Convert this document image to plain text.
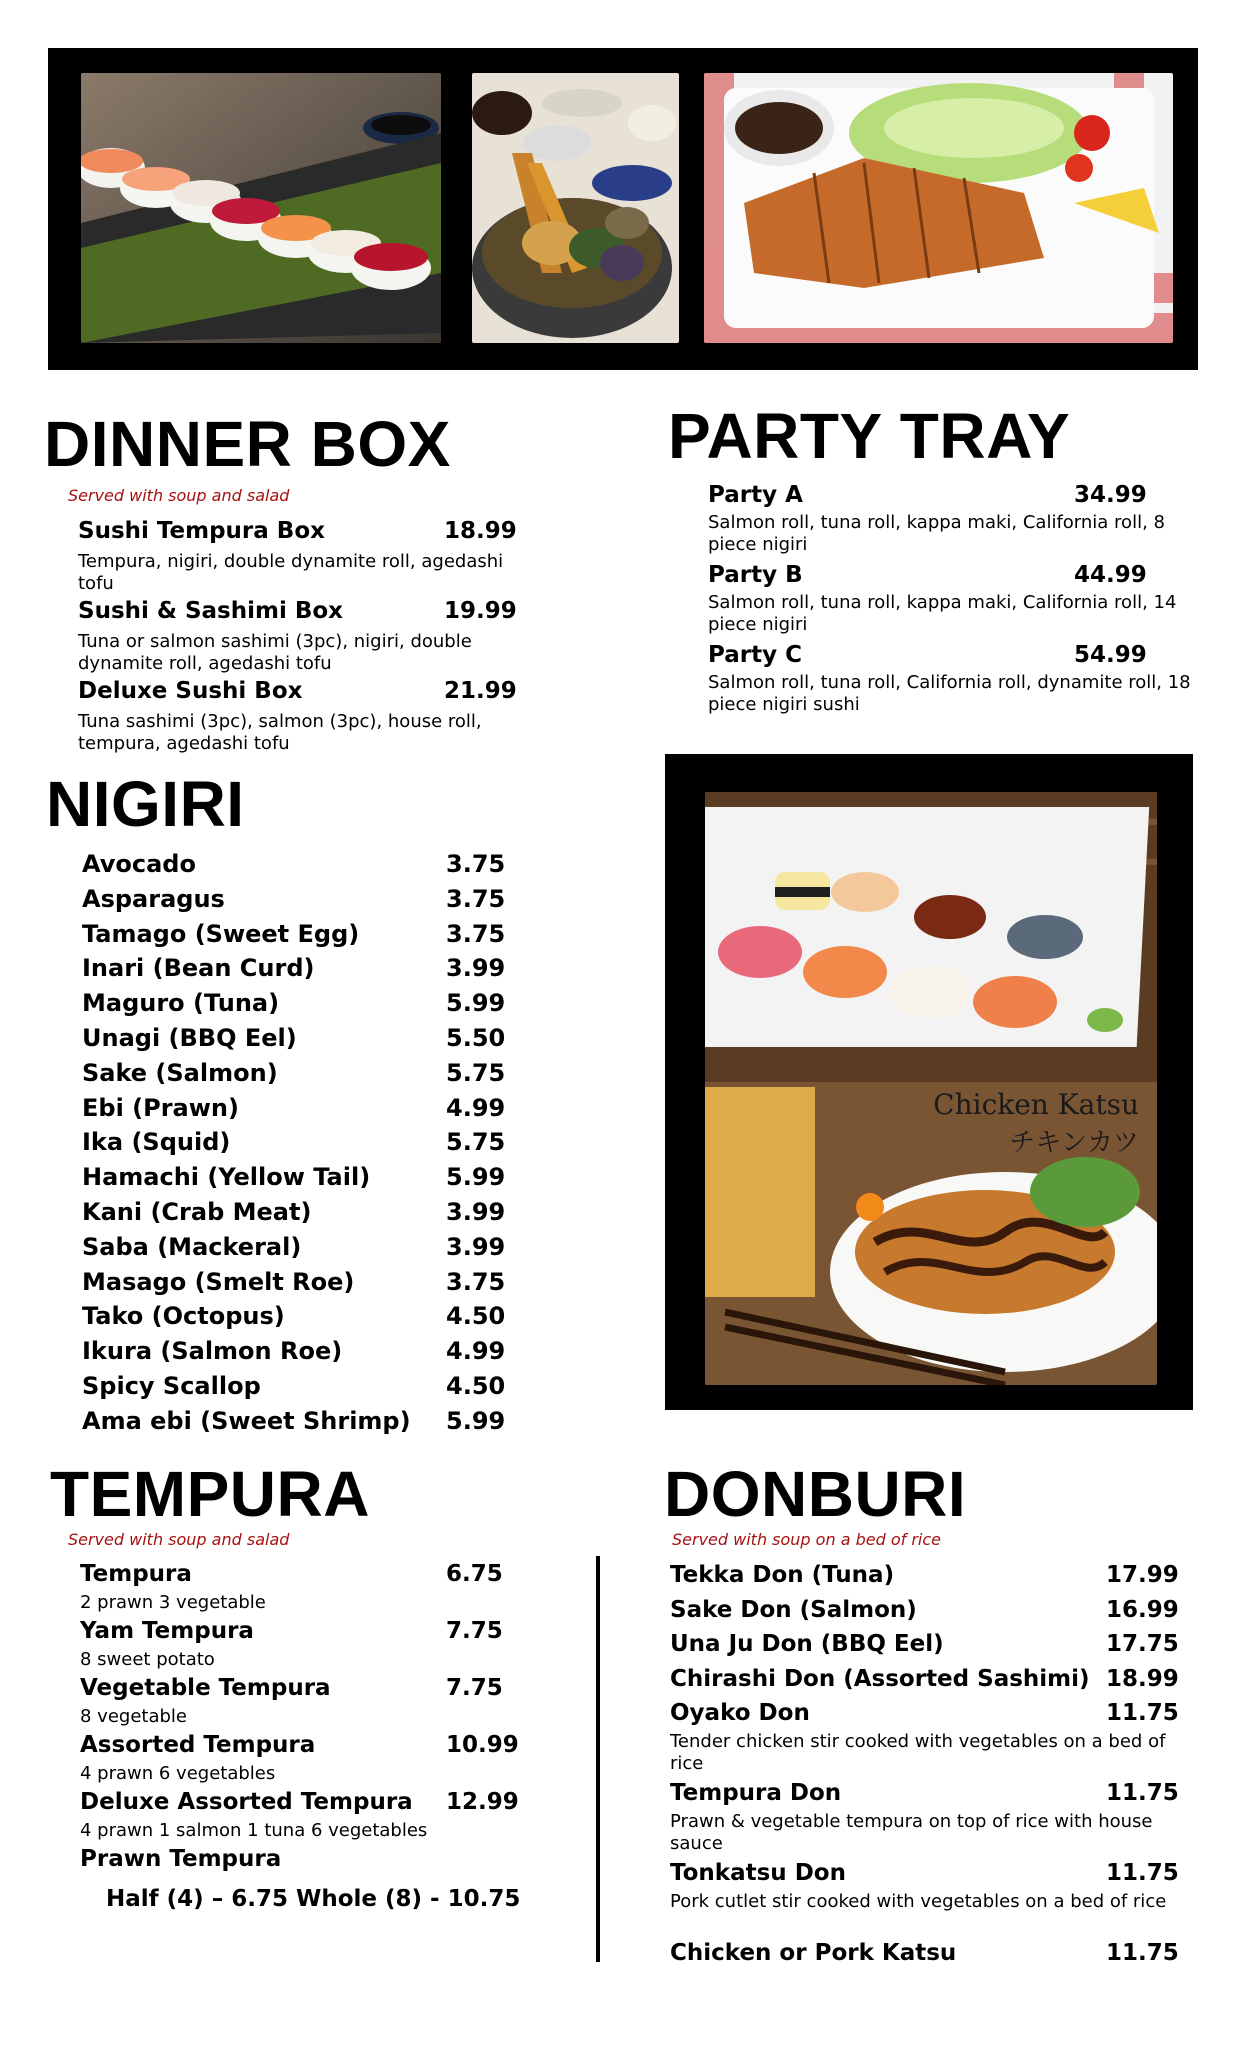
DINNER BOX
Served with soup and salad
Sushi Tempura Box	18.99
Tempura, nigiri, double dynamite roll, agedashi tofu
Sushi & Sashimi Box	19.99
Tuna or salmon sashimi (3pc), nigiri, double dynamite roll, agedashi tofu
Deluxe Sushi Box	21.99
Tuna sashimi (3pc), salmon (3pc), house roll, tempura, agedashi tofu
PARTY TRAY
Party A	34.99
Salmon roll, tuna roll, kappa maki, California roll, 8 piece nigiri
Party B	44.99
Salmon roll, tuna roll, kappa maki, California roll, 14 piece nigiri
Party C	54.99
Salmon roll, tuna roll, California roll, dynamite roll, 18 piece nigiri sushi
NIGIRI
Avocado	3.75
Asparagus	3.75
Tamago (Sweet Egg)	3.75
Inari (Bean Curd)	3.99
Maguro (Tuna)	5.99
Unagi (BBQ Eel)	5.50
Sake (Salmon)	5.75
Ebi (Prawn)	4.99
Ika (Squid)	5.75
Hamachi (Yellow Tail)	5.99
Kani (Crab Meat)	3.99
Saba (Mackeral)	3.99
Masago (Smelt Roe)	3.75
Tako (Octopus)	4.50
Ikura (Salmon Roe)	4.99
Spicy Scallop	4.50
Ama ebi (Sweet Shrimp) 5.99
Chicken Katsu
チキンカツ
TEMPURA
Served with soup and salad
Tempura	6.75
2 prawn 3 vegetable
Yam Tempura	7.75
8 sweet potato
Vegetable Tempura	7.75
8 vegetable
Assorted Tempura	10.99
4 prawn 6 vegetables
Deluxe Assorted Tempura 12.99
4 prawn 1 salmon 1 tuna 6 vegetables
Prawn Tempura
Half (4) – 6.75 Whole (8) - 10.75
DONBURI
Served with soup on a bed of rice
Tekka Don (Tuna)	17.99
Sake Don (Salmon)	16.99
Una Ju Don (BBQ Eel)	17.75
Chirashi Don (Assorted Sashimi) 18.99
Oyako Don	11.75
Tender chicken stir cooked with vegetables on a bed of rice
Tempura Don	11.75
Prawn & vegetable tempura on top of rice with house sauce
Tonkatsu Don	11.75
Pork cutlet stir cooked with vegetables on a bed of rice
Chicken or Pork Katsu	11.75
